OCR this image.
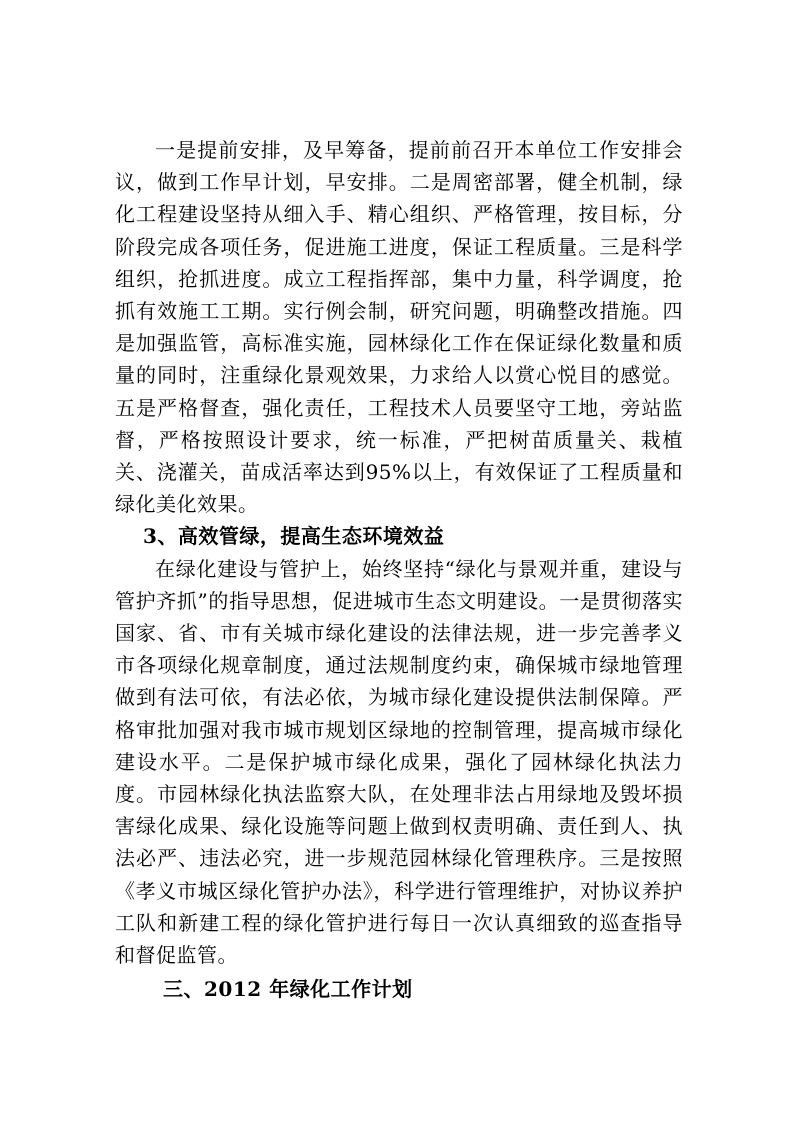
一是提前安排，及早筹备，提前前召开本单位工作安排会议，做到工作早计划，早安排。二是周密部署，健全机制，绿化工程建设坚持从细入手、精心组织、严格管理，按目标，分阶段完成各项任务，促进施工进度，保证工程质量。三是科学组织，抢抓进度。成立工程指挥部，集中力量，科学调度，抢抓有效施工工期。实行例会制，研究问题，明确整改措施。四是加强监管，高标准实施，园林绿化工作在保证绿化数量和质量的同时，注重绿化景观效果，力求给人以赏心悦目的感觉。五是严格督查，强化责任，工程技术人员要坚守工地，旁站监督，严格按照设计要求，统一标准，严把树苗质量关、栽植关、浇灌关，苗成活率达到95%以上，有效保证了工程质量和绿化美化效果。

3、高效管绿，提高生态环境效益

在绿化建设与管护上，始终坚持“绿化与景观并重，建设与管护齐抓”的指导思想，促进城市生态文明建设。一是贯彻落实国家、省、市有关城市绿化建设的法律法规，进一步完善孝义市各项绿化规章制度，通过法规制度约束，确保城市绿地管理做到有法可依，有法必依，为城市绿化建设提供法制保障。严格审批加强对我市城市规划区绿地的控制管理，提高城市绿化建设水平。二是保护城市绿化成果，强化了园林绿化执法力度。市园林绿化执法监察大队，在处理非法占用绿地及毁坏损害绿化成果、绿化设施等问题上做到权责明确、责任到人、执法必严、违法必究，进一步规范园林绿化管理秩序。三是按照《孝义市城区绿化管护办法》，科学进行管理维护，对协议养护工队和新建工程的绿化管护进行每日一次认真细致的巡查指导和督促监管。

三、2012 年绿化工作计划
